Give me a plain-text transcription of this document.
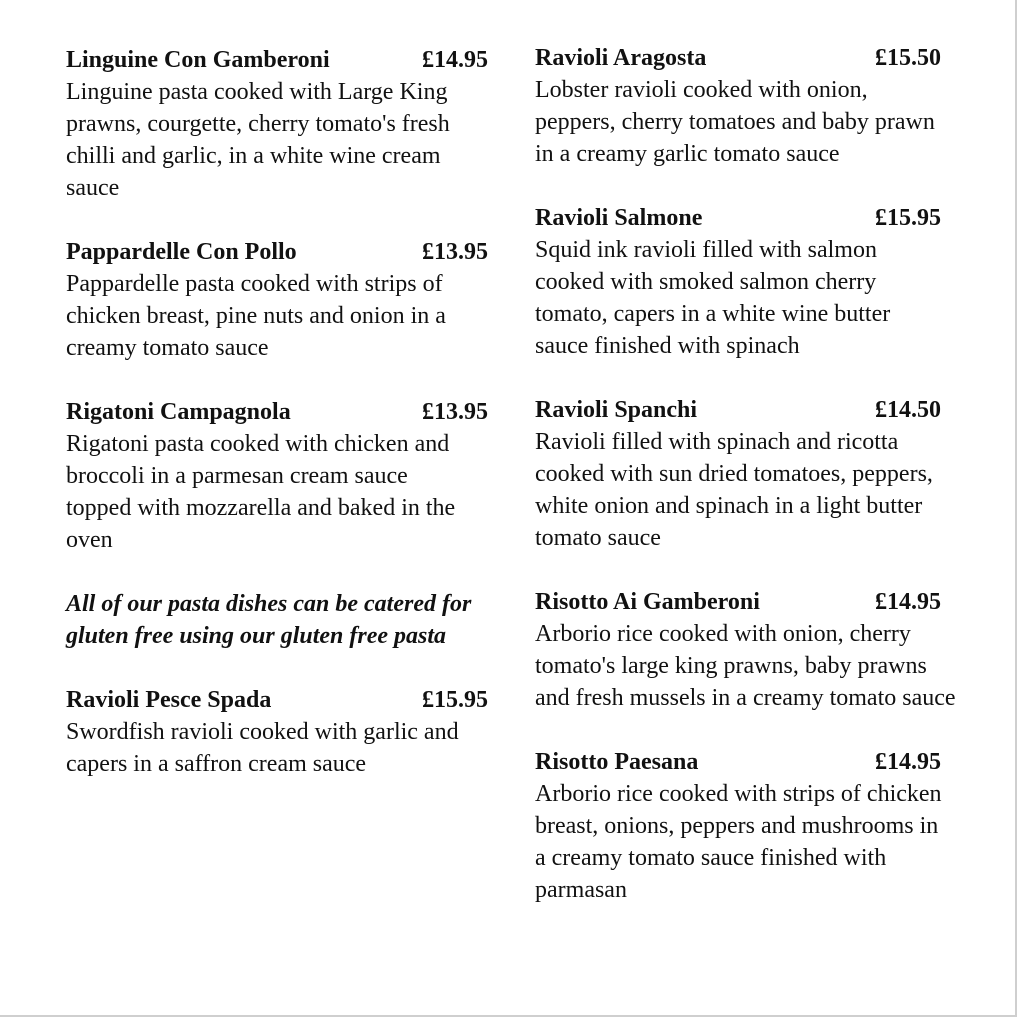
Linguine Con Gamberoni	£14.95

Linguine pasta cooked with Large King prawns, courgette, cherry tomato's fresh chilli and garlic, in a white wine cream sauce

Pappardelle Con Pollo	£13.95

Pappardelle pasta cooked with strips of chicken breast, pine nuts and onion in a creamy tomato sauce

Rigatoni Campagnola	£13.95

Rigatoni pasta cooked with chicken and broccoli in a parmesan cream sauce topped with mozzarella and baked in the oven

All of our pasta dishes can be catered for gluten free using our gluten free pasta

Ravioli Pesce Spada	£15.95

Swordfish ravioli cooked with garlic and capers in a saffron cream sauce

Ravioli Aragosta	£15.50

Lobster ravioli cooked with onion, peppers, cherry tomatoes and baby prawn in a creamy garlic tomato sauce

Ravioli Salmone	£15.95

Squid ink ravioli filled with salmon cooked with smoked salmon cherry tomato, capers in a white wine butter sauce finished with spinach

Ravioli Spanchi	£14.50

Ravioli filled with spinach and ricotta cooked with sun dried tomatoes, peppers, white onion and spinach in a light butter tomato sauce

Risotto Ai Gamberoni	£14.95

Arborio rice cooked with onion, cherry tomato's large king prawns, baby prawns and fresh mussels in a creamy tomato sauce

Risotto Paesana	£14.95

Arborio rice cooked with strips of chicken breast, onions, peppers and mushrooms in a creamy tomato sauce finished with parmasan
